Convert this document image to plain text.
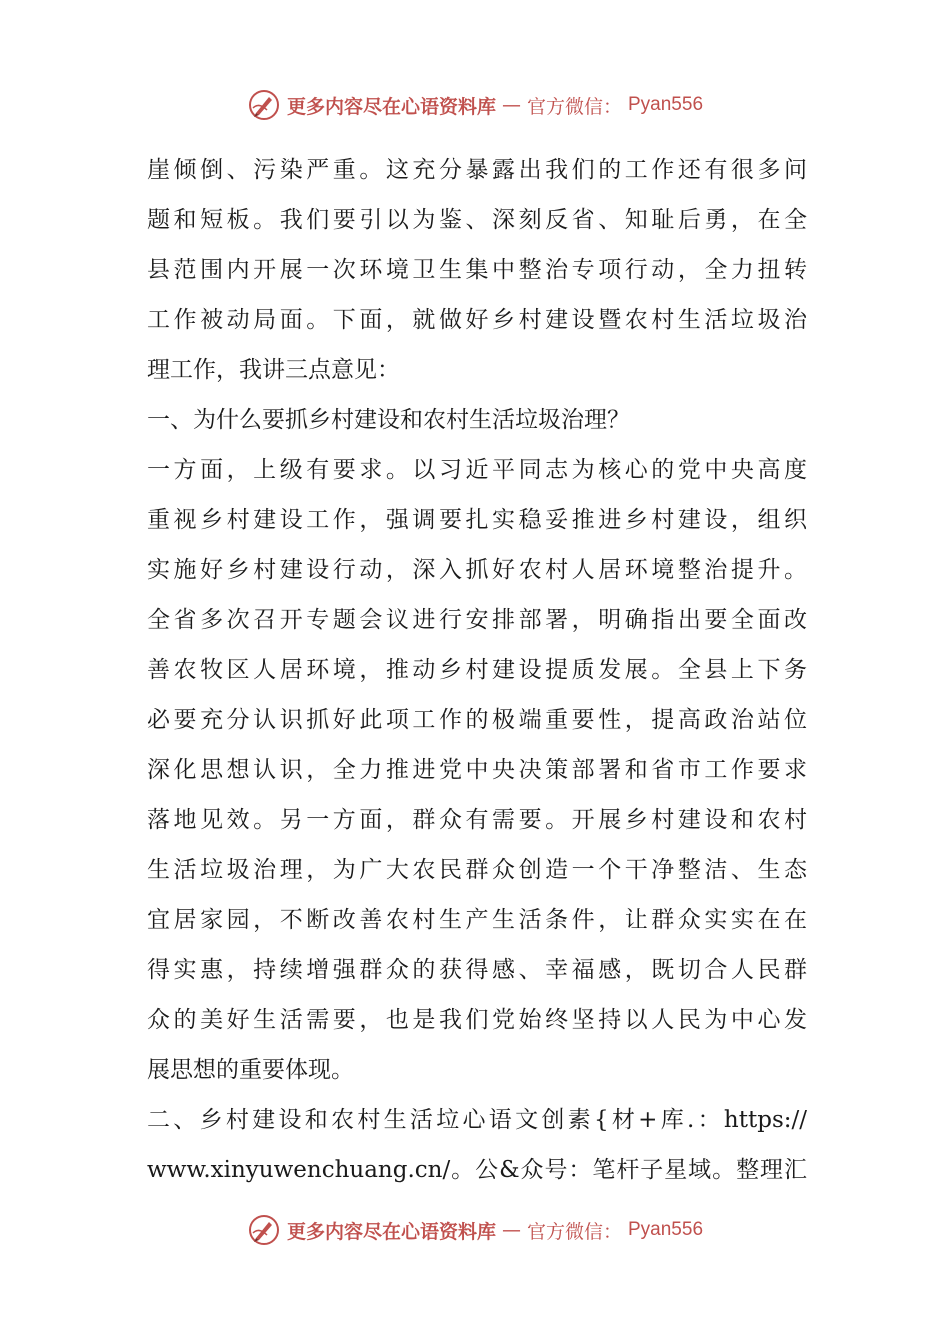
更多内容尽在心语资料库 — 官方微信： Pyan556
崖倾倒、污染严重。这充分暴露出我们的工作还有很多问
题和短板。我们要引以为鉴、深刻反省、知耻后勇，在全
县范围内开展一次环境卫生集中整治专项行动，全力扭转
工作被动局面。下面，就做好乡村建设暨农村生活垃圾治
理工作，我讲三点意见：
一、为什么要抓乡村建设和农村生活垃圾治理？
一方面，上级有要求。以习近平同志为核心的党中央高度
重视乡村建设工作，强调要扎实稳妥推进乡村建设，组织
实施好乡村建设行动，深入抓好农村人居环境整治提升。
全省多次召开专题会议进行安排部署，明确指出要全面改
善农牧区人居环境，推动乡村建设提质发展。全县上下务
必要充分认识抓好此项工作的极端重要性，提高政治站位
深化思想认识，全力推进党中央决策部署和省市工作要求
落地见效。另一方面，群众有需要。开展乡村建设和农村
生活垃圾治理，为广大农民群众创造一个干净整洁、生态
宜居家园，不断改善农村生产生活条件，让群众实实在在
得实惠，持续增强群众的获得感、幸福感，既切合人民群
众的美好生活需要，也是我们党始终坚持以人民为中心发
展思想的重要体现。
二、乡村建设和农村生活垃心语文创素{材+库.：https://
www.xinyuwenchuang.cn/。公&众号：笔杆子星域。整理汇
更多内容尽在心语资料库 — 官方微信： Pyan556
